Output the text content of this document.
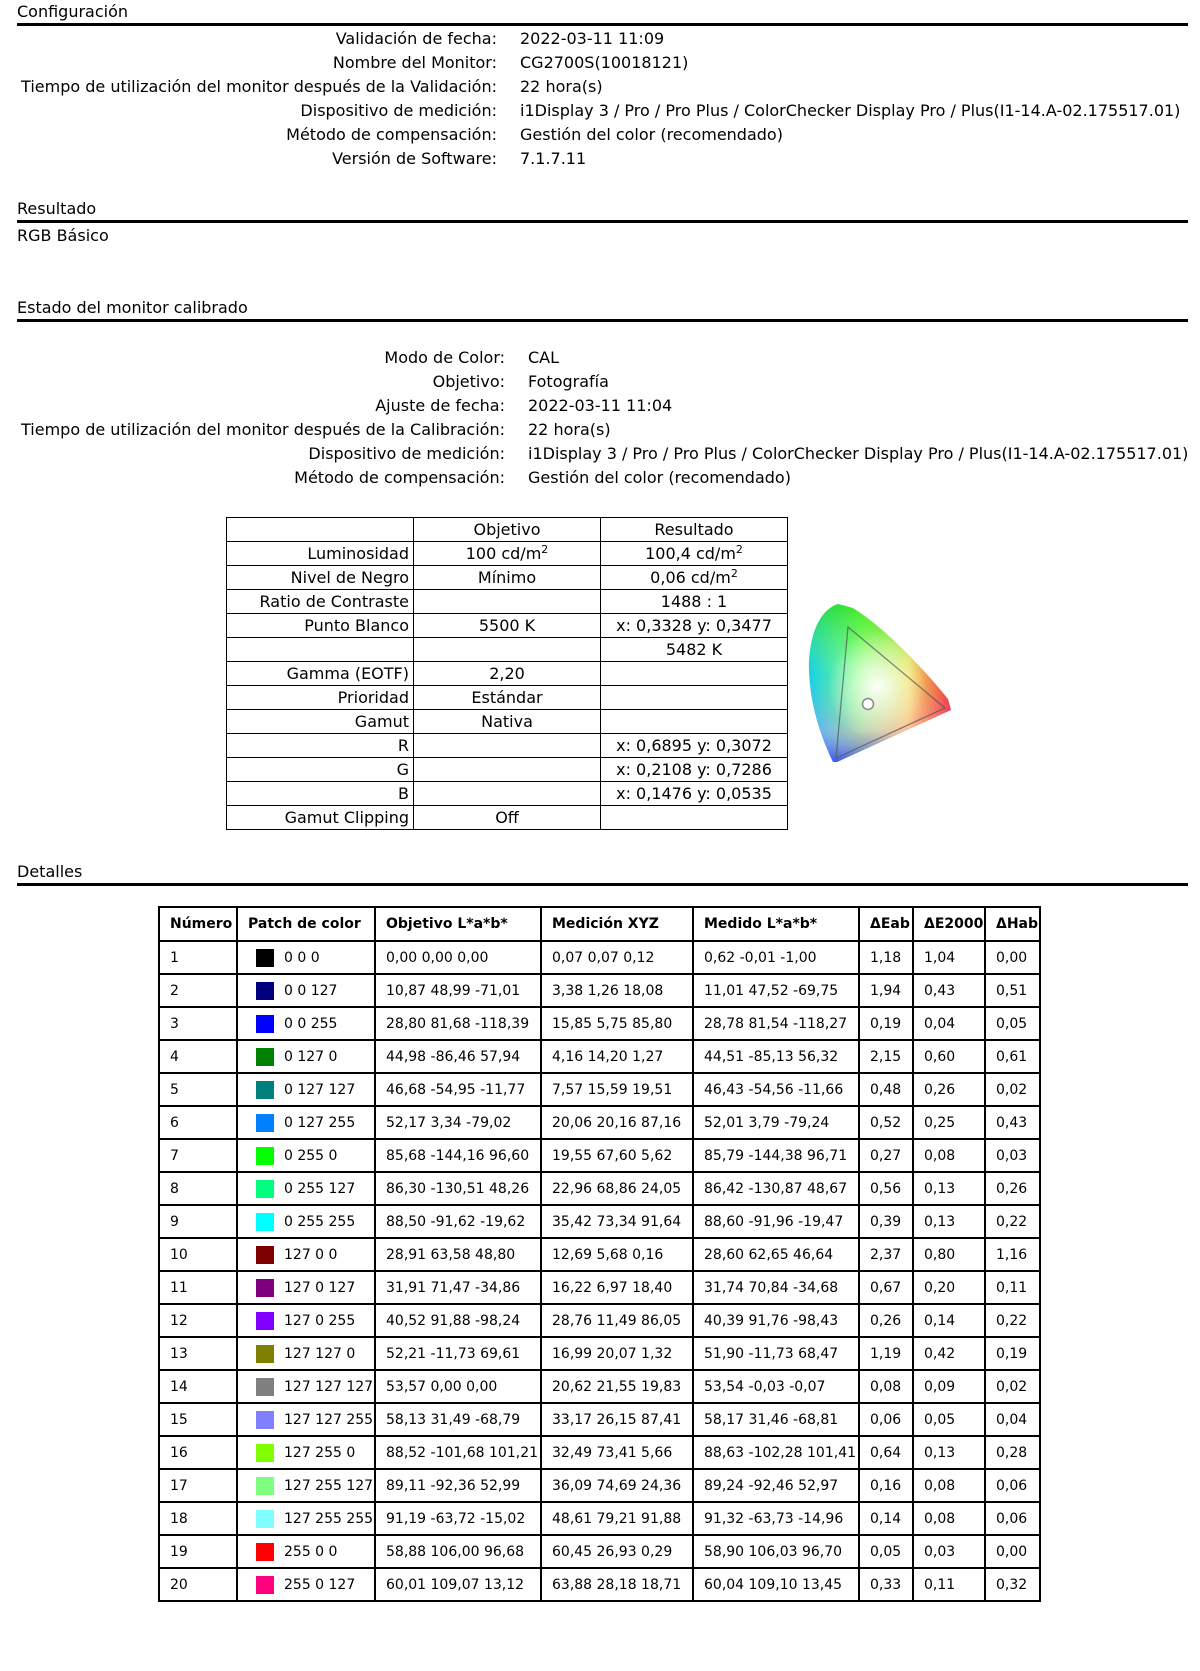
Configuración
Validación de fecha:	2022-03-11 11:09
Nombre del Monitor:	CG2700S(10018121)
Tiempo de utilización del monitor después de la Validación:	22 hora(s)
Dispositivo de medición:	i1Display 3 / Pro / Pro Plus / ColorChecker Display Pro / Plus(I1-14.A-02.175517.01)
Método de compensación:	Gestión del color (recomendado)
Versión de Software:	7.1.7.11
Resultado
RGB Básico
Estado del monitor calibrado
Modo de Color:	CAL
Objetivo:	Fotografía
Ajuste de fecha:	2022-03-11 11:04
Tiempo de utilización del monitor después de la Calibración:	22 hora(s)
Dispositivo de medición:	i1Display 3 / Pro / Pro Plus / ColorChecker Display Pro / Plus(I1-14.A-02.175517.01)
Método de compensación:	Gestión del color (recomendado)
	Objetivo	Resultado
Luminosidad	100 $cd/m^2$	100,4 $cd/m^2$
Nivel de Negro	Mínimo	0,06 $cd/m^2$
Ratio de Contraste		1488 : 1
Punto Blanco	5500 K	x: 0,3328 y: 0,3477
		5482 K
Gamma (EOTF)	2,20	
Prioridad	Estándar	
Gamut	Nativa	
R		x: 0,6895 y: 0,3072
G		x: 0,2108 y: 0,7286
B		x: 0,1476 y: 0,0535
Gamut Clipping	Off	
Detalles
Número	Patch de color	Objetivo L*a*b*	Medición XYZ	Medido L*a*b*	ΔEab	ΔE2000	ΔHab
1	0 0 0	0,00 0,00 0,00	0,07 0,07 0,12	0,62 -0,01 -1,00	1,18	1,04	0,00
2	0 0 127	10,87 48,99 -71,01	3,38 1,26 18,08	11,01 47,52 -69,75	1,94	0,43	0,51
3	0 0 255	28,80 81,68 -118,39	15,85 5,75 85,80	28,78 81,54 -118,27	0,19	0,04	0,05
4	0 127 0	44,98 -86,46 57,94	4,16 14,20 1,27	44,51 -85,13 56,32	2,15	0,60	0,61
5	0 127 127	46,68 -54,95 -11,77	7,57 15,59 19,51	46,43 -54,56 -11,66	0,48	0,26	0,02
6	0 127 255	52,17 3,34 -79,02	20,06 20,16 87,16	52,01 3,79 -79,24	0,52	0,25	0,43
7	0 255 0	85,68 -144,16 96,60	19,55 67,60 5,62	85,79 -144,38 96,71	0,27	0,08	0,03
8	0 255 127	86,30 -130,51 48,26	22,96 68,86 24,05	86,42 -130,87 48,67	0,56	0,13	0,26
9	0 255 255	88,50 -91,62 -19,62	35,42 73,34 91,64	88,60 -91,96 -19,47	0,39	0,13	0,22
10	127 0 0	28,91 63,58 48,80	12,69 5,68 0,16	28,60 62,65 46,64	2,37	0,80	1,16
11	127 0 127	31,91 71,47 -34,86	16,22 6,97 18,40	31,74 70,84 -34,68	0,67	0,20	0,11
12	127 0 255	40,52 91,88 -98,24	28,76 11,49 86,05	40,39 91,76 -98,43	0,26	0,14	0,22
13	127 127 0	52,21 -11,73 69,61	16,99 20,07 1,32	51,90 -11,73 68,47	1,19	0,42	0,19
14	127 127 127	53,57 0,00 0,00	20,62 21,55 19,83	53,54 -0,03 -0,07	0,08	0,09	0,02
15	127 127 255	58,13 31,49 -68,79	33,17 26,15 87,41	58,17 31,46 -68,81	0,06	0,05	0,04
16	127 255 0	88,52 -101,68 101,21	32,49 73,41 5,66	88,63 -102,28 101,41	0,64	0,13	0,28
17	127 255 127	89,11 -92,36 52,99	36,09 74,69 24,36	89,24 -92,46 52,97	0,16	0,08	0,06
18	127 255 255	91,19 -63,72 -15,02	48,61 79,21 91,88	91,32 -63,73 -14,96	0,14	0,08	0,06
19	255 0 0	58,88 106,00 96,68	60,45 26,93 0,29	58,90 106,03 96,70	0,05	0,03	0,00
20	255 0 127	60,01 109,07 13,12	63,88 28,18 18,71	60,04 109,10 13,45	0,33	0,11	0,32
